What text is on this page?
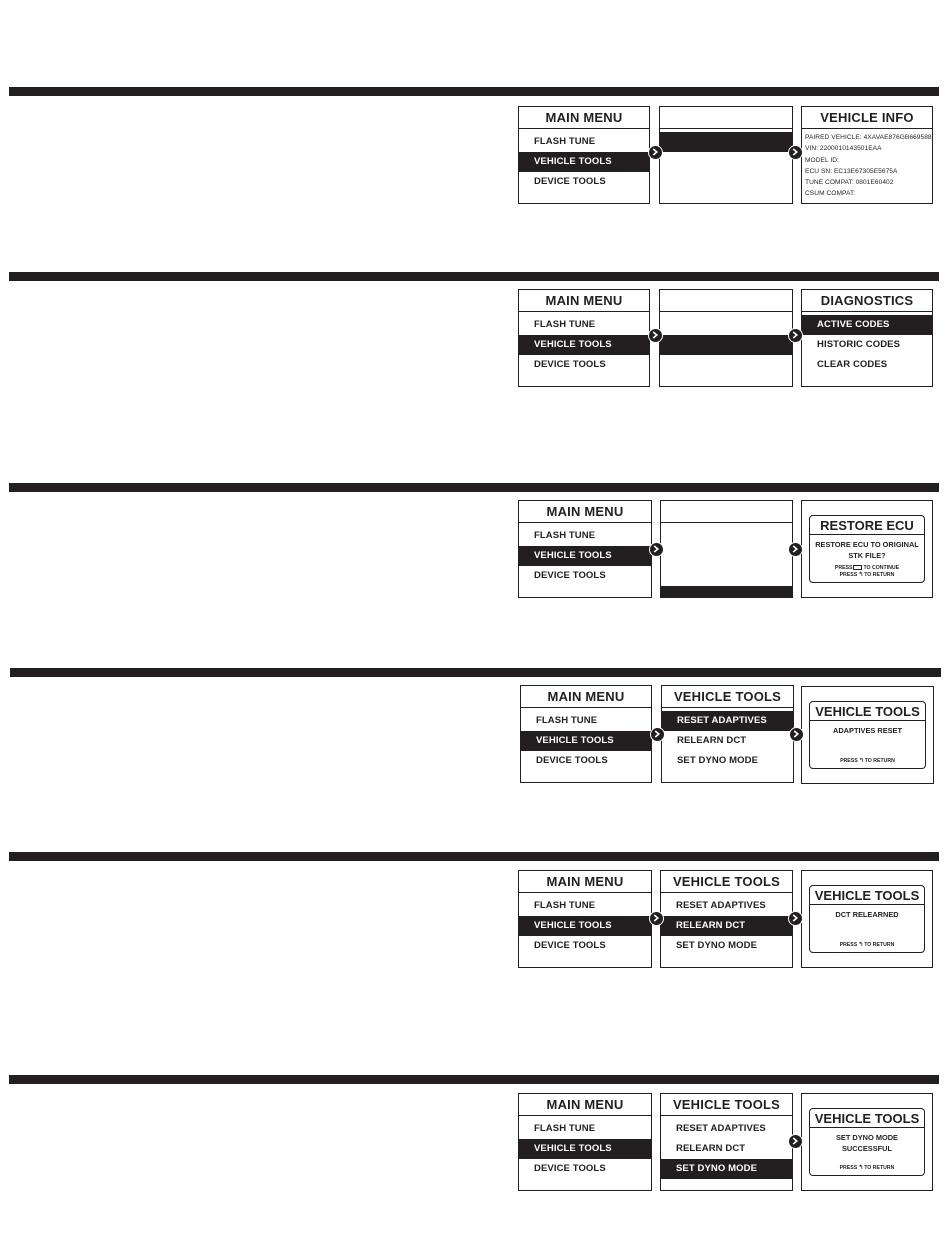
MAIN MENU
FLASH TUNE
VEHICLE TOOLS
DEVICE TOOLS
VEHICLE INFO
PAIRED VEHICLE: 4XAVAE876GB669588
VIN: 2200010143501EAA
MODEL ID:
ECU SN: EC13E67305E5675A
TUNE COMPAT: 0801E60402
CSUM COMPAT:
MAIN MENU
FLASH TUNE
VEHICLE TOOLS
DEVICE TOOLS
DIAGNOSTICS
ACTIVE CODES
HISTORIC CODES
CLEAR CODES
MAIN MENU
FLASH TUNE
VEHICLE TOOLS
DEVICE TOOLS
RESTORE ECU
RESTORE ECU TO ORIGINAL STK FILE?
PRESS TO CONTINUE
PRESS↰TO RETURN
MAIN MENU
FLASH TUNE
VEHICLE TOOLS
DEVICE TOOLS
VEHICLE TOOLS
RESET ADAPTIVES
RELEARN DCT
SET DYNO MODE
VEHICLE TOOLS
ADAPTIVES RESET
PRESS↰TO RETURN
MAIN MENU
FLASH TUNE
VEHICLE TOOLS
DEVICE TOOLS
VEHICLE TOOLS
RESET ADAPTIVES
RELEARN DCT
SET DYNO MODE
VEHICLE TOOLS
DCT RELEARNED
PRESS↰TO RETURN
MAIN MENU
FLASH TUNE
VEHICLE TOOLS
DEVICE TOOLS
VEHICLE TOOLS
RESET ADAPTIVES
RELEARN DCT
SET DYNO MODE
VEHICLE TOOLS
SET DYNO MODE SUCCESSFUL
PRESS↰TO RETURN
